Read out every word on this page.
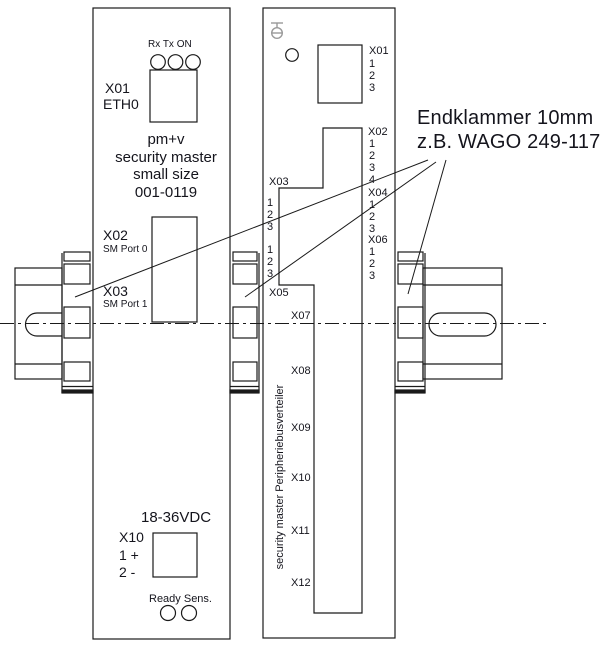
Rx Tx ON
X01
ETH0
pm+v
security master
small size
001-0119
X02
SM Port 0
X03
SM Port 1
18-36VDC
X10
1 +
2 -
Ready Sens.
X01
1
2
3
X02
1
2
3
4
X04
1
2
3
X06
1
2
3
X03
1
2
3
1
2
3
X05
X07
X08
X09
X10
X11
X12
security master Peripheriebusverteiler
Endklammer 10mm
z.B. WAGO 249-117
